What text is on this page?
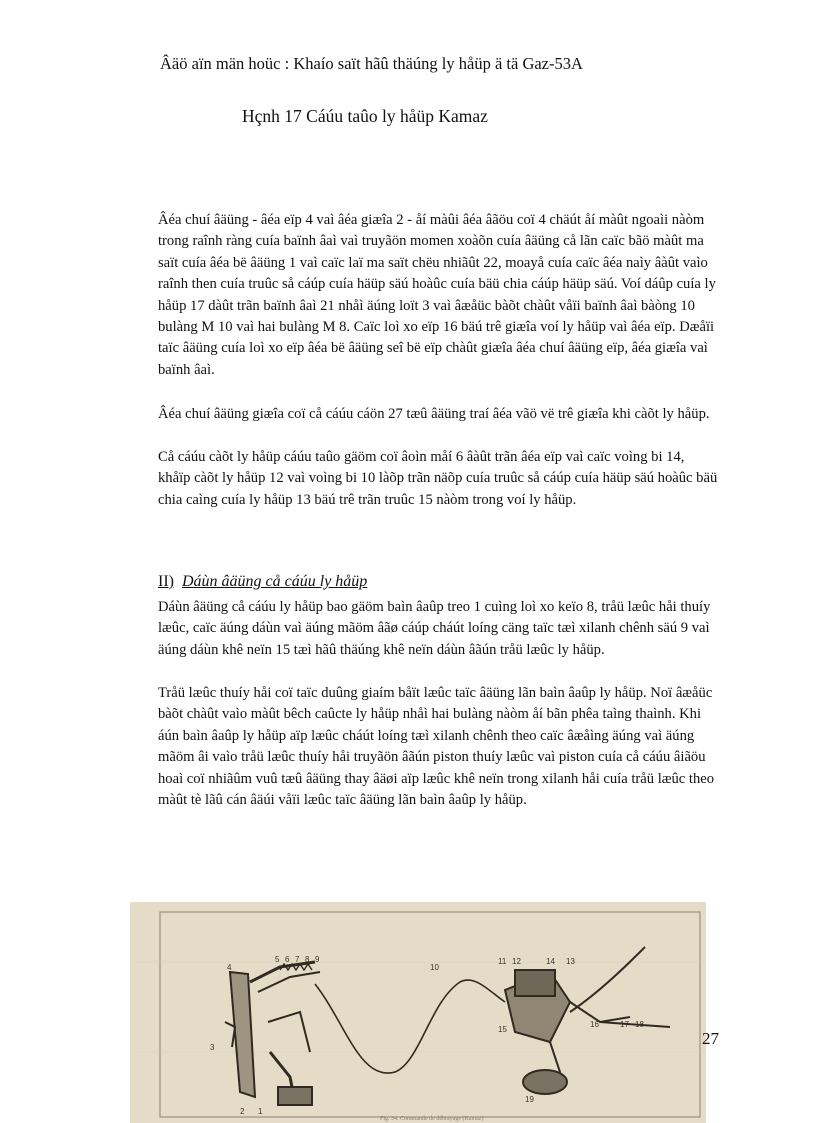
Âäö aïn män hoüc : Khaío saït hãû thäúng ly håüp ä tä Gaz-53A
Hçnh 17 Cáúu taûo ly håüp Kamaz

Âéa chuí âäüng - âéa eïp 4 vaì âéa giæîa 2 - åí màûi âéa âãöu coï 4 chäút åí màût ngoaìi nàòm trong raînh ràng cuía baïnh âaì vaì truyãön momen xoàõn cuía âäüng cå lãn caïc bãö màût ma saït cuía âéa bë âäüng 1 vaì caïc laï ma saït chëu nhiãût 22, moayå cuía caïc âéa naìy âàût vaìo raînh then cuía truûc så cáúp cuía häüp säú hoàûc cuía bäü chia cáúp häüp säú. Voí dáûp cuía ly håüp 17 dàût trãn baïnh âaì 21 nhåì äúng loït 3 vaì âæåüc bàõt chàût våïi baïnh âaì bàòng 10 bulàng M 10 vaì hai bulàng M 8. Caïc loì xo eïp 16 bäú trê giæîa voí ly håüp vaì âéa eïp. Dæåïi taïc âäüng cuía loì xo eïp âéa bë âäüng seî bë eïp chàût giæîa âéa chuí âäüng eïp, âéa giæîa vaì baïnh âaì.

Âéa chuí âäüng giæîa coï cå cáúu cáön 27 tæû âäüng traí âéa vãö vë trê giæîa khi càõt ly håüp.

Cå cáúu càõt ly håüp cáúu taûo gäöm coï âoìn måí 6 âàût trãn âéa eïp vaì caïc voìng bi 14, khåïp càõt ly håüp 12 vaì voìng bi 10 làõp trãn näõp cuía truûc så cáúp cuía häüp säú hoàûc bäü chia caìng cuía ly håüp 13 bäú trê trãn truûc 15 nàòm trong voí ly håüp.

II) Dáùn âäüng cå cáúu ly håüp

Dáùn âäüng cå cáúu ly håüp bao gäöm baìn âaûp treo 1 cuìng loì xo keïo 8, tråü læûc håi thuíy læûc, caïc äúng dáùn vaì äúng mãöm âãø cáúp cháút loíng cäng taïc tæì xilanh chênh säú 9 vaì äúng dáùn khê neïn 15 tæì hãû thäúng khê neïn dáùn âãún tråü læûc ly håüp.

Tråü læûc thuíy håi coï taïc duûng giaím båït læûc taïc âäüng lãn baìn âaûp ly håüp. Noï âæåüc bàõt chàût vaìo màût bêch caûcte ly håüp nhåì hai bulàng nàòm åí bãn phêa taìng thaình. Khi áún baìn âaûp ly håüp aïp læûc cháút loíng tæì xilanh chênh theo caïc âæåìng äúng vaì äúng mãöm âi vaìo tråü læûc thuíy håi truyãön âãún piston thuíy læûc vaì piston cuía cå cáúu âiãöu hoaì coï nhiãûm vuû tæû âäüng thay âäøi aïp læûc khê neïn trong xilanh håi cuía tråü læûc theo màût tè lãû cán âäúi våïi læûc taïc âäüng lãn baìn âaûp ly håüp.

4
5 6 7 8 9
3
2 1
10
11 12	14 13
15
16	17 18
19
Fig. 34. Commande de débrayage (Kamaz)
27
